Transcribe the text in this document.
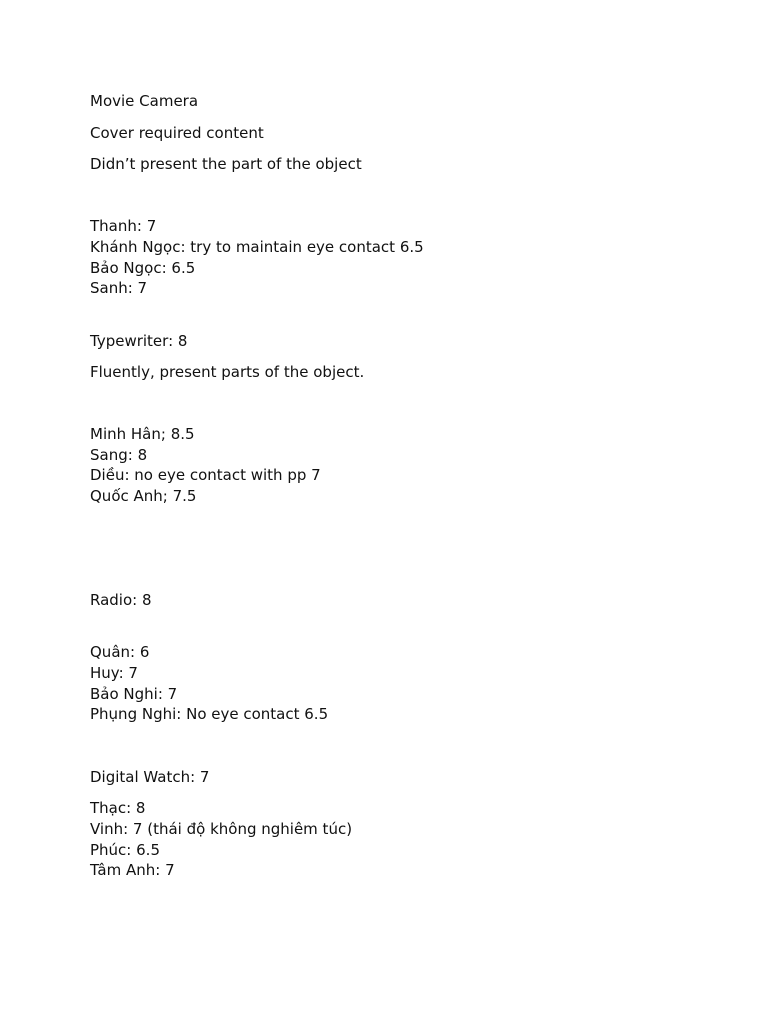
Movie Camera
Cover required content
Didn’t present the part of the object
Thanh: 7
Khánh Ngọc: try to maintain eye contact 6.5
Bảo Ngọc: 6.5
Sanh: 7
Typewriter: 8
Fluently, present parts of the object.
Minh Hân; 8.5
Sang: 8
Diều: no eye contact with pp 7
Quốc Anh; 7.5
Radio: 8
Quân: 6
Huy: 7
Bảo Nghi: 7
Phụng Nghi: No eye contact 6.5
Digital Watch: 7
Thạc: 8
Vinh: 7 (thái độ không nghiêm túc)
Phúc: 6.5
Tâm Anh: 7
